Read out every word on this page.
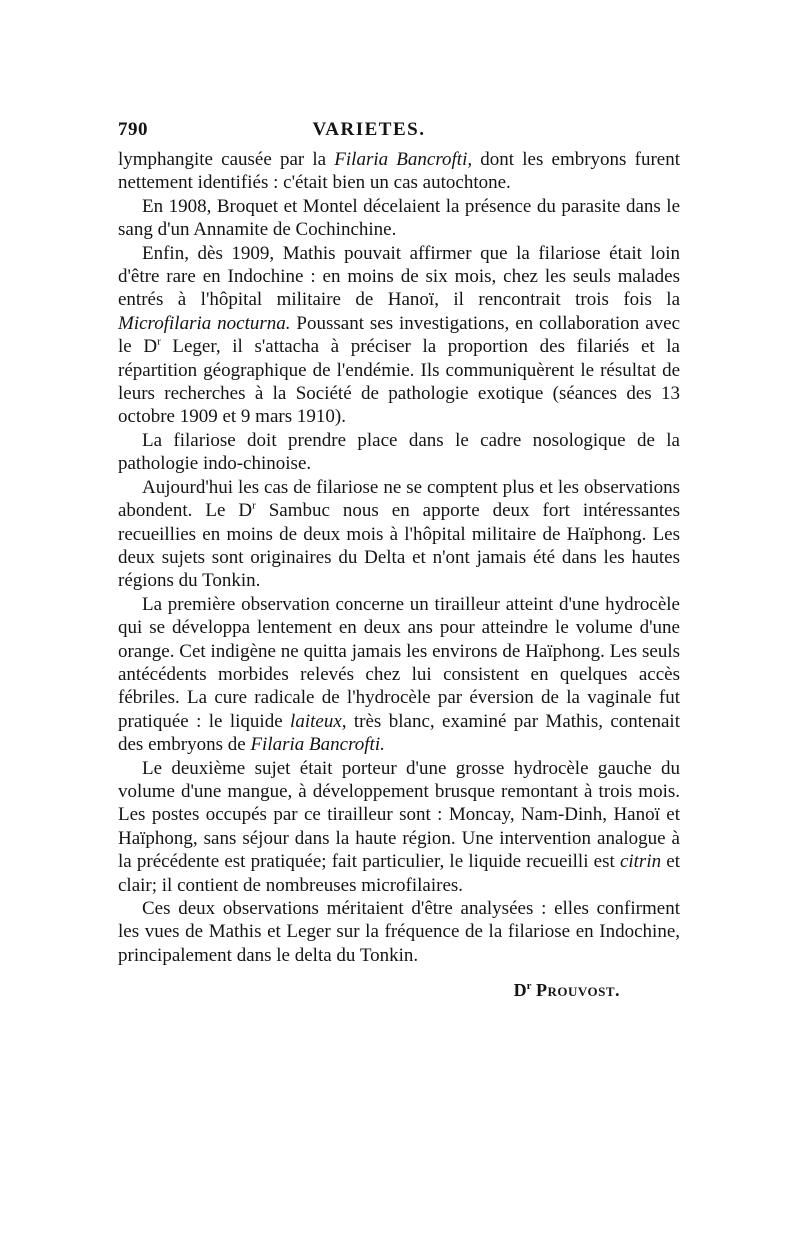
790	VARIETES.

lymphangite causée par la Filaria Bancrofti, dont les embryons furent nettement identifiés : c'était bien un cas autochtone.

En 1908, Broquet et Montel décelaient la présence du parasite dans le sang d'un Annamite de Cochinchine.

Enfin, dès 1909, Mathis pouvait affirmer que la filariose était loin d'être rare en Indochine : en moins de six mois, chez les seuls malades entrés à l'hôpital militaire de Hanoï, il rencontrait trois fois la Microfilaria nocturna. Poussant ses investigations, en collaboration avec le $D^r$ Leger, il s'attacha à préciser la proportion des filariés et la répartition géographique de l'endémie. Ils communiquèrent le résultat de leurs recherches à la Société de pathologie exotique (séances des 13 octobre 1909 et 9 mars 1910).

La filariose doit prendre place dans le cadre nosologique de la pathologie indo-chinoise.

Aujourd'hui les cas de filariose ne se comptent plus et les observations abondent. Le $D^r$ Sambuc nous en apporte deux fort intéressantes recueillies en moins de deux mois à l'hôpital militaire de Haïphong. Les deux sujets sont originaires du Delta et n'ont jamais été dans les hautes régions du Tonkin.

La première observation concerne un tirailleur atteint d'une hydrocèle qui se développa lentement en deux ans pour atteindre le volume d'une orange. Cet indigène ne quitta jamais les environs de Haïphong. Les seuls antécédents morbides relevés chez lui consistent en quelques accès fébriles. La cure radicale de l'hydrocèle par éversion de la vaginale fut pratiquée : le liquide laiteux, très blanc, examiné par Mathis, contenait des embryons de Filaria Bancrofti.

Le deuxième sujet était porteur d'une grosse hydrocèle gauche du volume d'une mangue, à développement brusque remontant à trois mois. Les postes occupés par ce tirailleur sont : Moncay, Nam-Dinh, Hanoï et Haïphong, sans séjour dans la haute région. Une intervention analogue à la précédente est pratiquée; fait particulier, le liquide recueilli est citrin et clair; il contient de nombreuses microfilaires.

Ces deux observations méritaient d'être analysées : elles confirment les vues de Mathis et Leger sur la fréquence de la filariose en Indochine, principalement dans le delta du Tonkin.

$D^r$ Prouvost.
